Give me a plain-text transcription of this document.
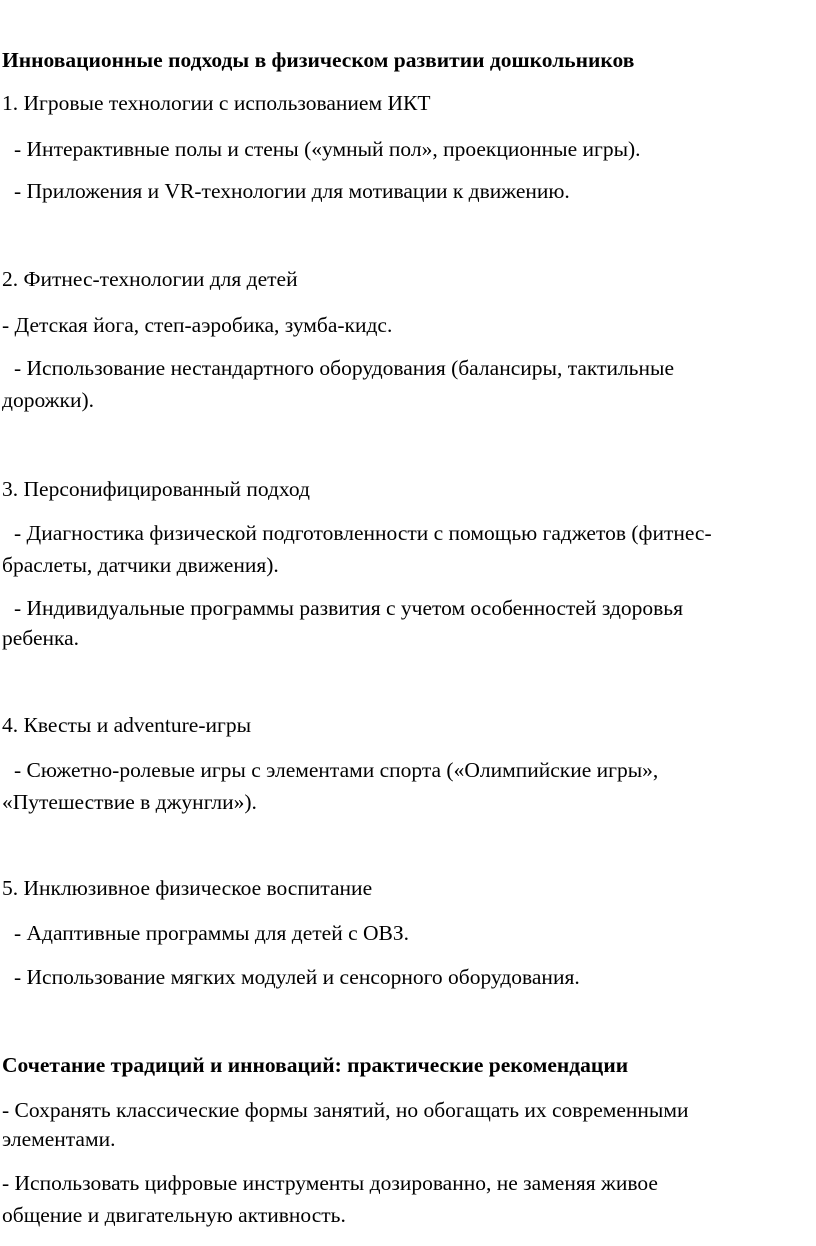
Инновационные подходы в физическом развитии дошкольников
1. Игровые технологии с использованием ИКТ
- Интерактивные полы и стены («умный пол», проекционные игры).
- Приложения и VR-технологии для мотивации к движению.
2. Фитнес-технологии для детей
- Детская йога, степ-аэробика, зумба-кидс.
- Использование нестандартного оборудования (балансиры, тактильные
дорожки).
3. Персонифицированный подход
- Диагностика физической подготовленности с помощью гаджетов (фитнес-
браслеты, датчики движения).
- Индивидуальные программы развития с учетом особенностей здоровья
ребенка.
4. Квесты и adventure-игры
- Сюжетно-ролевые игры с элементами спорта («Олимпийские игры»,
«Путешествие в джунгли»).
5. Инклюзивное физическое воспитание
- Адаптивные программы для детей с ОВЗ.
- Использование мягких модулей и сенсорного оборудования.
Сочетание традиций и инноваций: практические рекомендации
- Сохранять классические формы занятий, но обогащать их современными
элементами.
- Использовать цифровые инструменты дозированно, не заменяя живое
общение и двигательную активность.
